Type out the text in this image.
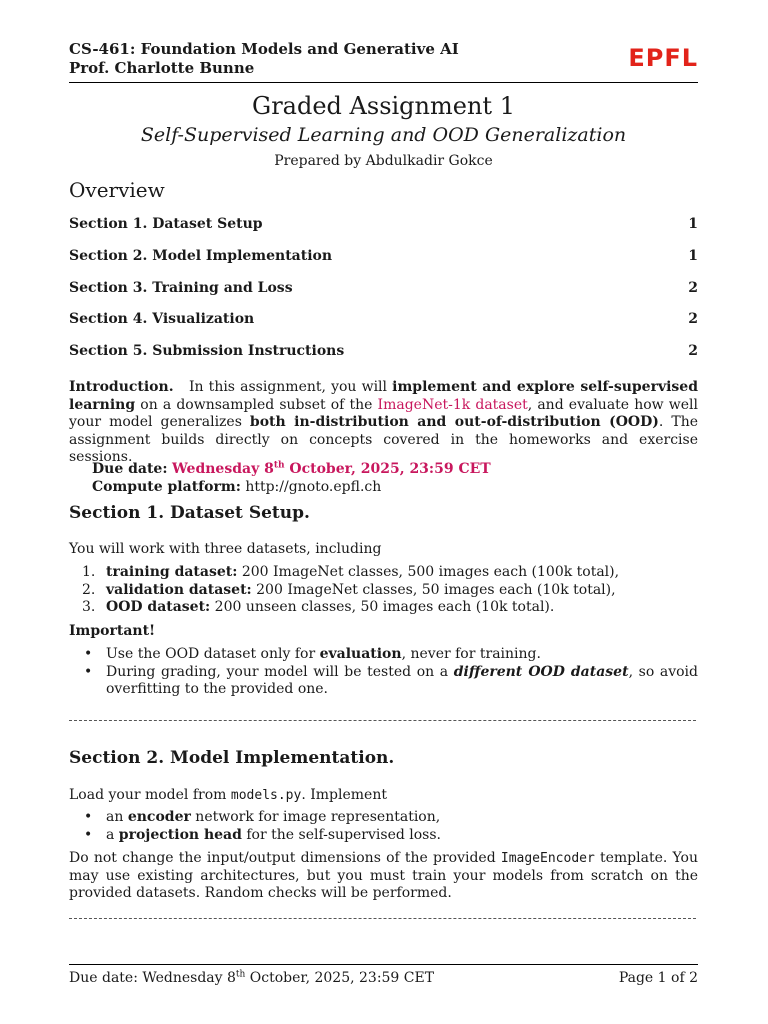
CS-461: Foundation Models and Generative AI
Prof. Charlotte Bunne	EPFL
Graded Assignment 1
Self-Supervised Learning and OOD Generalization
Prepared by Abdulkadir Gokce
Overview
Section 1. Dataset Setup	1
Section 2. Model Implementation	1
Section 3. Training and Loss	2
Section 4. Visualization	2
Section 5. Submission Instructions	2
Introduction. In this assignment, you will implement and explore self-supervised learning on a downsampled subset of the ImageNet-1k dataset, and evaluate how well your model generalizes both in-distribution and out-of-distribution (OOD). The assignment builds directly on concepts covered in the homeworks and exercise sessions.
Due date: Wednesday 8th October, 2025, 23:59 CET
Compute platform: http://gnoto.epfl.ch
Section 1. Dataset Setup.
You will work with three datasets, including
1. training dataset: 200 ImageNet classes, 500 images each (100k total),
2. validation dataset: 200 ImageNet classes, 50 images each (10k total),
3. OOD dataset: 200 unseen classes, 50 images each (10k total).
Important!
• Use the OOD dataset only for evaluation, never for training.
• During grading, your model will be tested on a different OOD dataset, so avoid overfitting to the provided one.
Section 2. Model Implementation.
Load your model from models.py. Implement
• an encoder network for image representation,
• a projection head for the self-supervised loss.
Do not change the input/output dimensions of the provided ImageEncoder template. You may use existing architectures, but you must train your models from scratch on the provided datasets. Random checks will be performed.
Due date: Wednesday 8th October, 2025, 23:59 CET	Page 1 of 2
